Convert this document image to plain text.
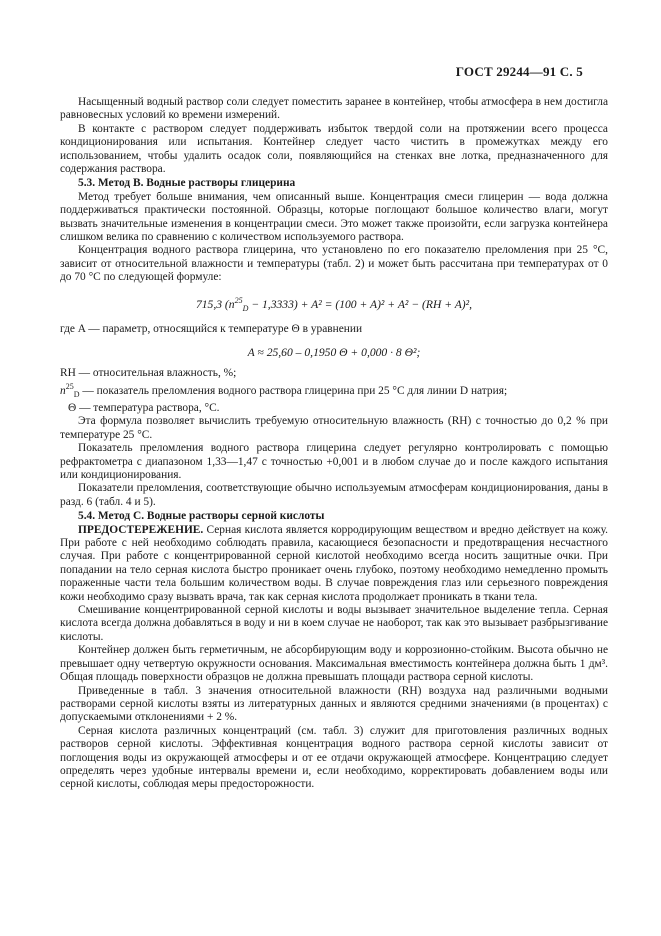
ГОСТ 29244—91 С. 5

Насыщенный водный раствор соли следует поместить заранее в контейнер, чтобы атмосфера в нем достигла равновесных условий ко времени измерений.

В контакте с раствором следует поддерживать избыток твердой соли на протяжении всего процесса кондиционирования или испытания. Контейнер следует часто чистить в промежутках между его использованием, чтобы удалить осадок соли, появляющийся на стенках вне лотка, предназначенного для содержания раствора.

5.3. Метод B. Водные растворы глицерина

Метод требует больше внимания, чем описанный выше. Концентрация смеси глицерин — вода должна поддерживаться практически постоянной. Образцы, которые поглощают большое количество влаги, могут вызвать значительные изменения в концентрации смеси. Это может также произойти, если загрузка контейнера слишком велика по сравнению с количеством используемого раствора.

Концентрация водного раствора глицерина, что установлено по его показателю преломления при 25 °С, зависит от относительной влажности и температуры (табл. 2) и может быть рассчитана при температурах от 0 до 70 °С по следующей формуле:

715,3 $(n^{25}_D - 1,3333) + A^2 = (100 + A)^2 + A^2 - (RH + A)^2$,

где A — параметр, относящийся к температуре Θ в уравнении

A ≈ 25,60 – 0,1950 Θ + 0,000 · 8 Θ²;

RH — относительная влажность, %;

$n^{25}_D$ — показатель преломления водного раствора глицерина при 25 °С для линии D натрия;

Θ — температура раствора, °С.

Эта формула позволяет вычислить требуемую относительную влажность (RH) с точностью до 0,2 % при температуре 25 °С.

Показатель преломления водного раствора глицерина следует регулярно контролировать с помощью рефрактометра с диапазоном 1,33—1,47 с точностью +0,001 и в любом случае до и после каждого испытания или кондиционирования.

Показатели преломления, соответствующие обычно используемым атмосферам кондиционирования, даны в разд. 6 (табл. 4 и 5).

5.4. Метод С. Водные растворы серной кислоты

ПРЕДОСТЕРЕЖЕНИЕ. Серная кислота является корродирующим веществом и вредно действует на кожу. При работе с ней необходимо соблюдать правила, касающиеся безопасности и предотвращения несчастного случая. При работе с концентрированной серной кислотой необходимо всегда носить защитные очки. При попадании на тело серная кислота быстро проникает очень глубоко, поэтому необходимо немедленно промыть пораженные части тела большим количеством воды. В случае повреждения глаз или серьезного повреждения кожи необходимо сразу вызвать врача, так как серная кислота продолжает проникать в ткани тела.

Смешивание концентрированной серной кислоты и воды вызывает значительное выделение тепла. Серная кислота всегда должна добавляться в воду и ни в коем случае не наоборот, так как это вызывает разбрызгивание кислоты.

Контейнер должен быть герметичным, не абсорбирующим воду и коррозионно-стойким. Высота обычно не превышает одну четвертую окружности основания. Максимальная вместимость контейнера должна быть 1 дм³. Общая площадь поверхности образцов не должна превышать площади раствора серной кислоты.

Приведенные в табл. 3 значения относительной влажности (RH) воздуха над различными водными растворами серной кислоты взяты из литературных данных и являются средними значениями (в процентах) с допускаемыми отклонениями + 2 %.

Серная кислота различных концентраций (см. табл. 3) служит для приготовления различных водных растворов серной кислоты. Эффективная концентрация водного раствора серной кислоты зависит от поглощения воды из окружающей атмосферы и от ее отдачи окружающей атмосфере. Концентрацию следует определять через удобные интервалы времени и, если необходимо, корректировать добавлением воды или серной кислоты, соблюдая меры предосторожности.
